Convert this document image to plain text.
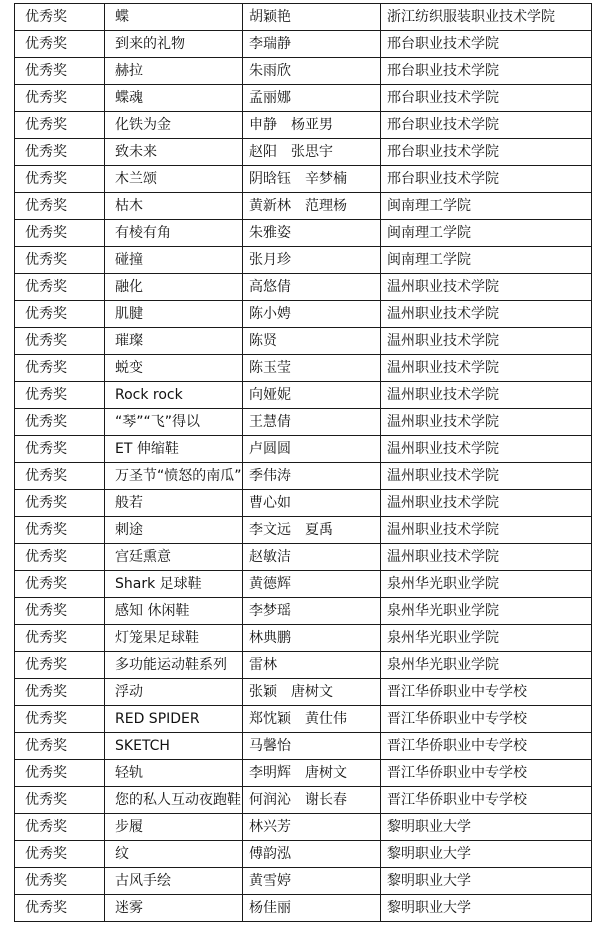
优秀奖	蝶	胡颖艳	浙江纺织服装职业技术学院
优秀奖	到来的礼物	李瑞静	邢台职业技术学院
优秀奖	赫拉	朱雨欣	邢台职业技术学院
优秀奖	蝶魂	孟丽娜	邢台职业技术学院
优秀奖	化铁为金	申静　杨亚男	邢台职业技术学院
优秀奖	致未来	赵阳　张思宇	邢台职业技术学院
优秀奖	木兰颂	阴晗钰　辛梦楠	邢台职业技术学院
优秀奖	枯木	黄新林　范理杨	闽南理工学院
优秀奖	有棱有角	朱雅姿	闽南理工学院
优秀奖	碰撞	张月珍	闽南理工学院
优秀奖	融化	高悠倩	温州职业技术学院
优秀奖	肌腱	陈小娉	温州职业技术学院
优秀奖	璀璨	陈贤	温州职业技术学院
优秀奖	蜕变	陈玉莹	温州职业技术学院
优秀奖	Rock rock	向娅妮	温州职业技术学院
优秀奖	“琴”“飞”得以	王慧倩	温州职业技术学院
优秀奖	ET 伸缩鞋	卢圆圆	温州职业技术学院
优秀奖	万圣节“愤怒的南瓜”	季伟涛	温州职业技术学院
优秀奖	般若	曹心如	温州职业技术学院
优秀奖	刺途	李文远　夏禹	温州职业技术学院
优秀奖	宫廷熏意	赵敏洁	温州职业技术学院
优秀奖	Shark 足球鞋	黄德辉	泉州华光职业学院
优秀奖	感知 休闲鞋	李梦瑶	泉州华光职业学院
优秀奖	灯笼果足球鞋	林典鹏	泉州华光职业学院
优秀奖	多功能运动鞋系列	雷林	泉州华光职业学院
优秀奖	浮动	张颖　唐树文	晋江华侨职业中专学校
优秀奖	RED SPIDER	郑忱颖　黄仕伟	晋江华侨职业中专学校
优秀奖	SKETCH	马馨怡	晋江华侨职业中专学校
优秀奖	轻轨	李明辉　唐树文	晋江华侨职业中专学校
优秀奖	您的私人互动夜跑鞋	何润沁　谢长春	晋江华侨职业中专学校
优秀奖	步履	林兴芳	黎明职业大学
优秀奖	纹	傅韵泓	黎明职业大学
优秀奖	古风手绘	黄雪婷	黎明职业大学
优秀奖	迷雾	杨佳丽	黎明职业大学
